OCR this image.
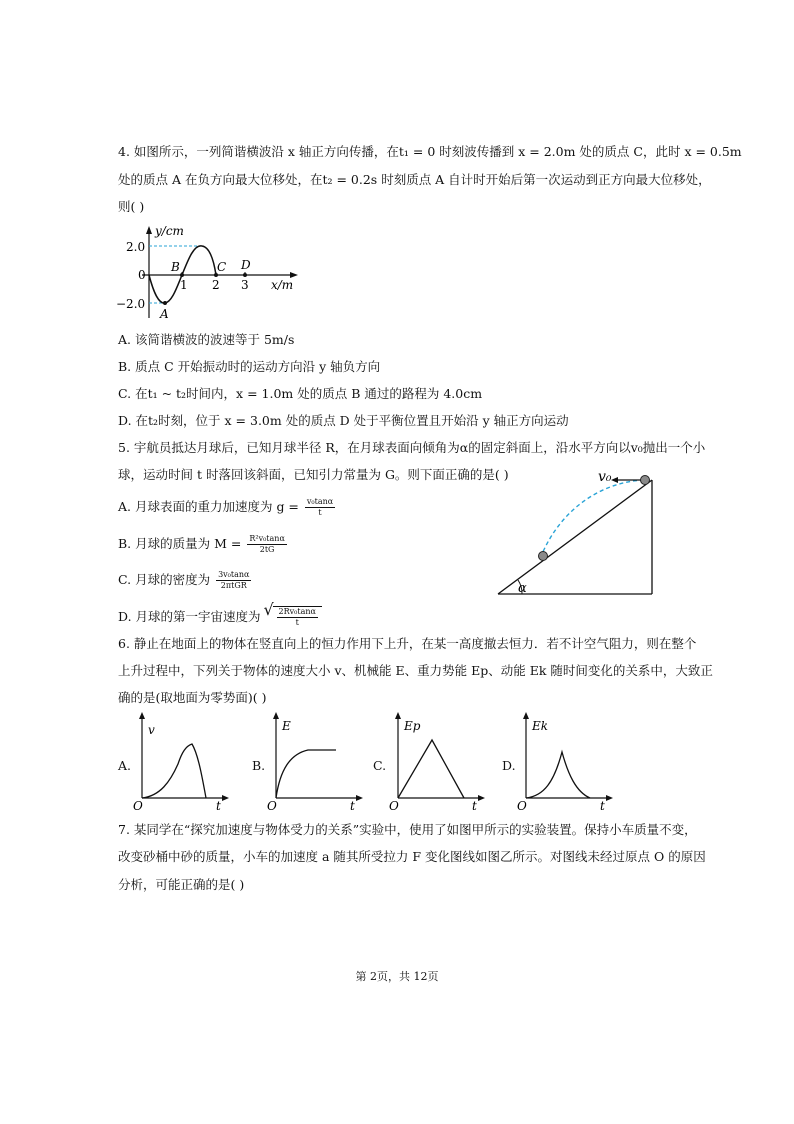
4. 如图所示，一列简谐横波沿 x 轴正方向传播，在t₁ = 0 时刻波传播到 x = 2.0m 处的质点 C，此时 x = 0.5m
处的质点 A 在负方向最大位移处，在t₂ = 0.2s 时刻质点 A 自计时开始后第一次运动到正方向最大位移处，
则( )
y/cm
x/m
2.0
0
−2.0
1 2 3
A
B	C D
A. 该简谐横波的波速等于 5m/s
B. 质点 C 开始振动时的运动方向沿 y 轴负方向
C. 在t₁ ~ t₂时间内，x = 1.0m 处的质点 B 通过的路程为 4.0cm
D. 在t₂时刻，位于 x = 3.0m 处的质点 D 处于平衡位置且开始沿 y 轴正方向运动
5. 宇航员抵达月球后，已知月球半径 R，在月球表面向倾角为α的固定斜面上，沿水平方向以v₀抛出一个小
球，运动时间 t 时落回该斜面，已知引力常量为 G。则下面正确的是( )
A. 月球表面的重力加速度为 $g = \frac{\text{v₀tanα}}{t}$
B. 月球的质量为 $M = \frac{\text{R²v₀tanα}}{2tG}$
C. 月球的密度为 $\frac{\text{3v₀tanα}}{\text{2πtGR}}$
D. 月球的第一宇宙速度为
√ $\frac{\text{2Rv₀tanα}}{t}$
v₀
α
6. 静止在地面上的物体在竖直向上的恒力作用下上升，在某一高度撤去恒力．若不计空气阻力，则在整个
上升过程中，下列关于物体的速度大小 v、机械能 E、重力势能 Ep、动能 Ek 随时间变化的关系中，大致正
确的是(取地面为零势面)( )
A.
v
O	t
B.
E
O	t
C.
Ep
O	t
D.
Ek
O	t
7. 某同学在“探究加速度与物体受力的关系”实验中，使用了如图甲所示的实验装置。保持小车质量不变，
改变砂桶中砂的质量，小车的加速度 a 随其所受拉力 F 变化图线如图乙所示。对图线未经过原点 O 的原因
分析，可能正确的是( )
第 2页，共 12页
